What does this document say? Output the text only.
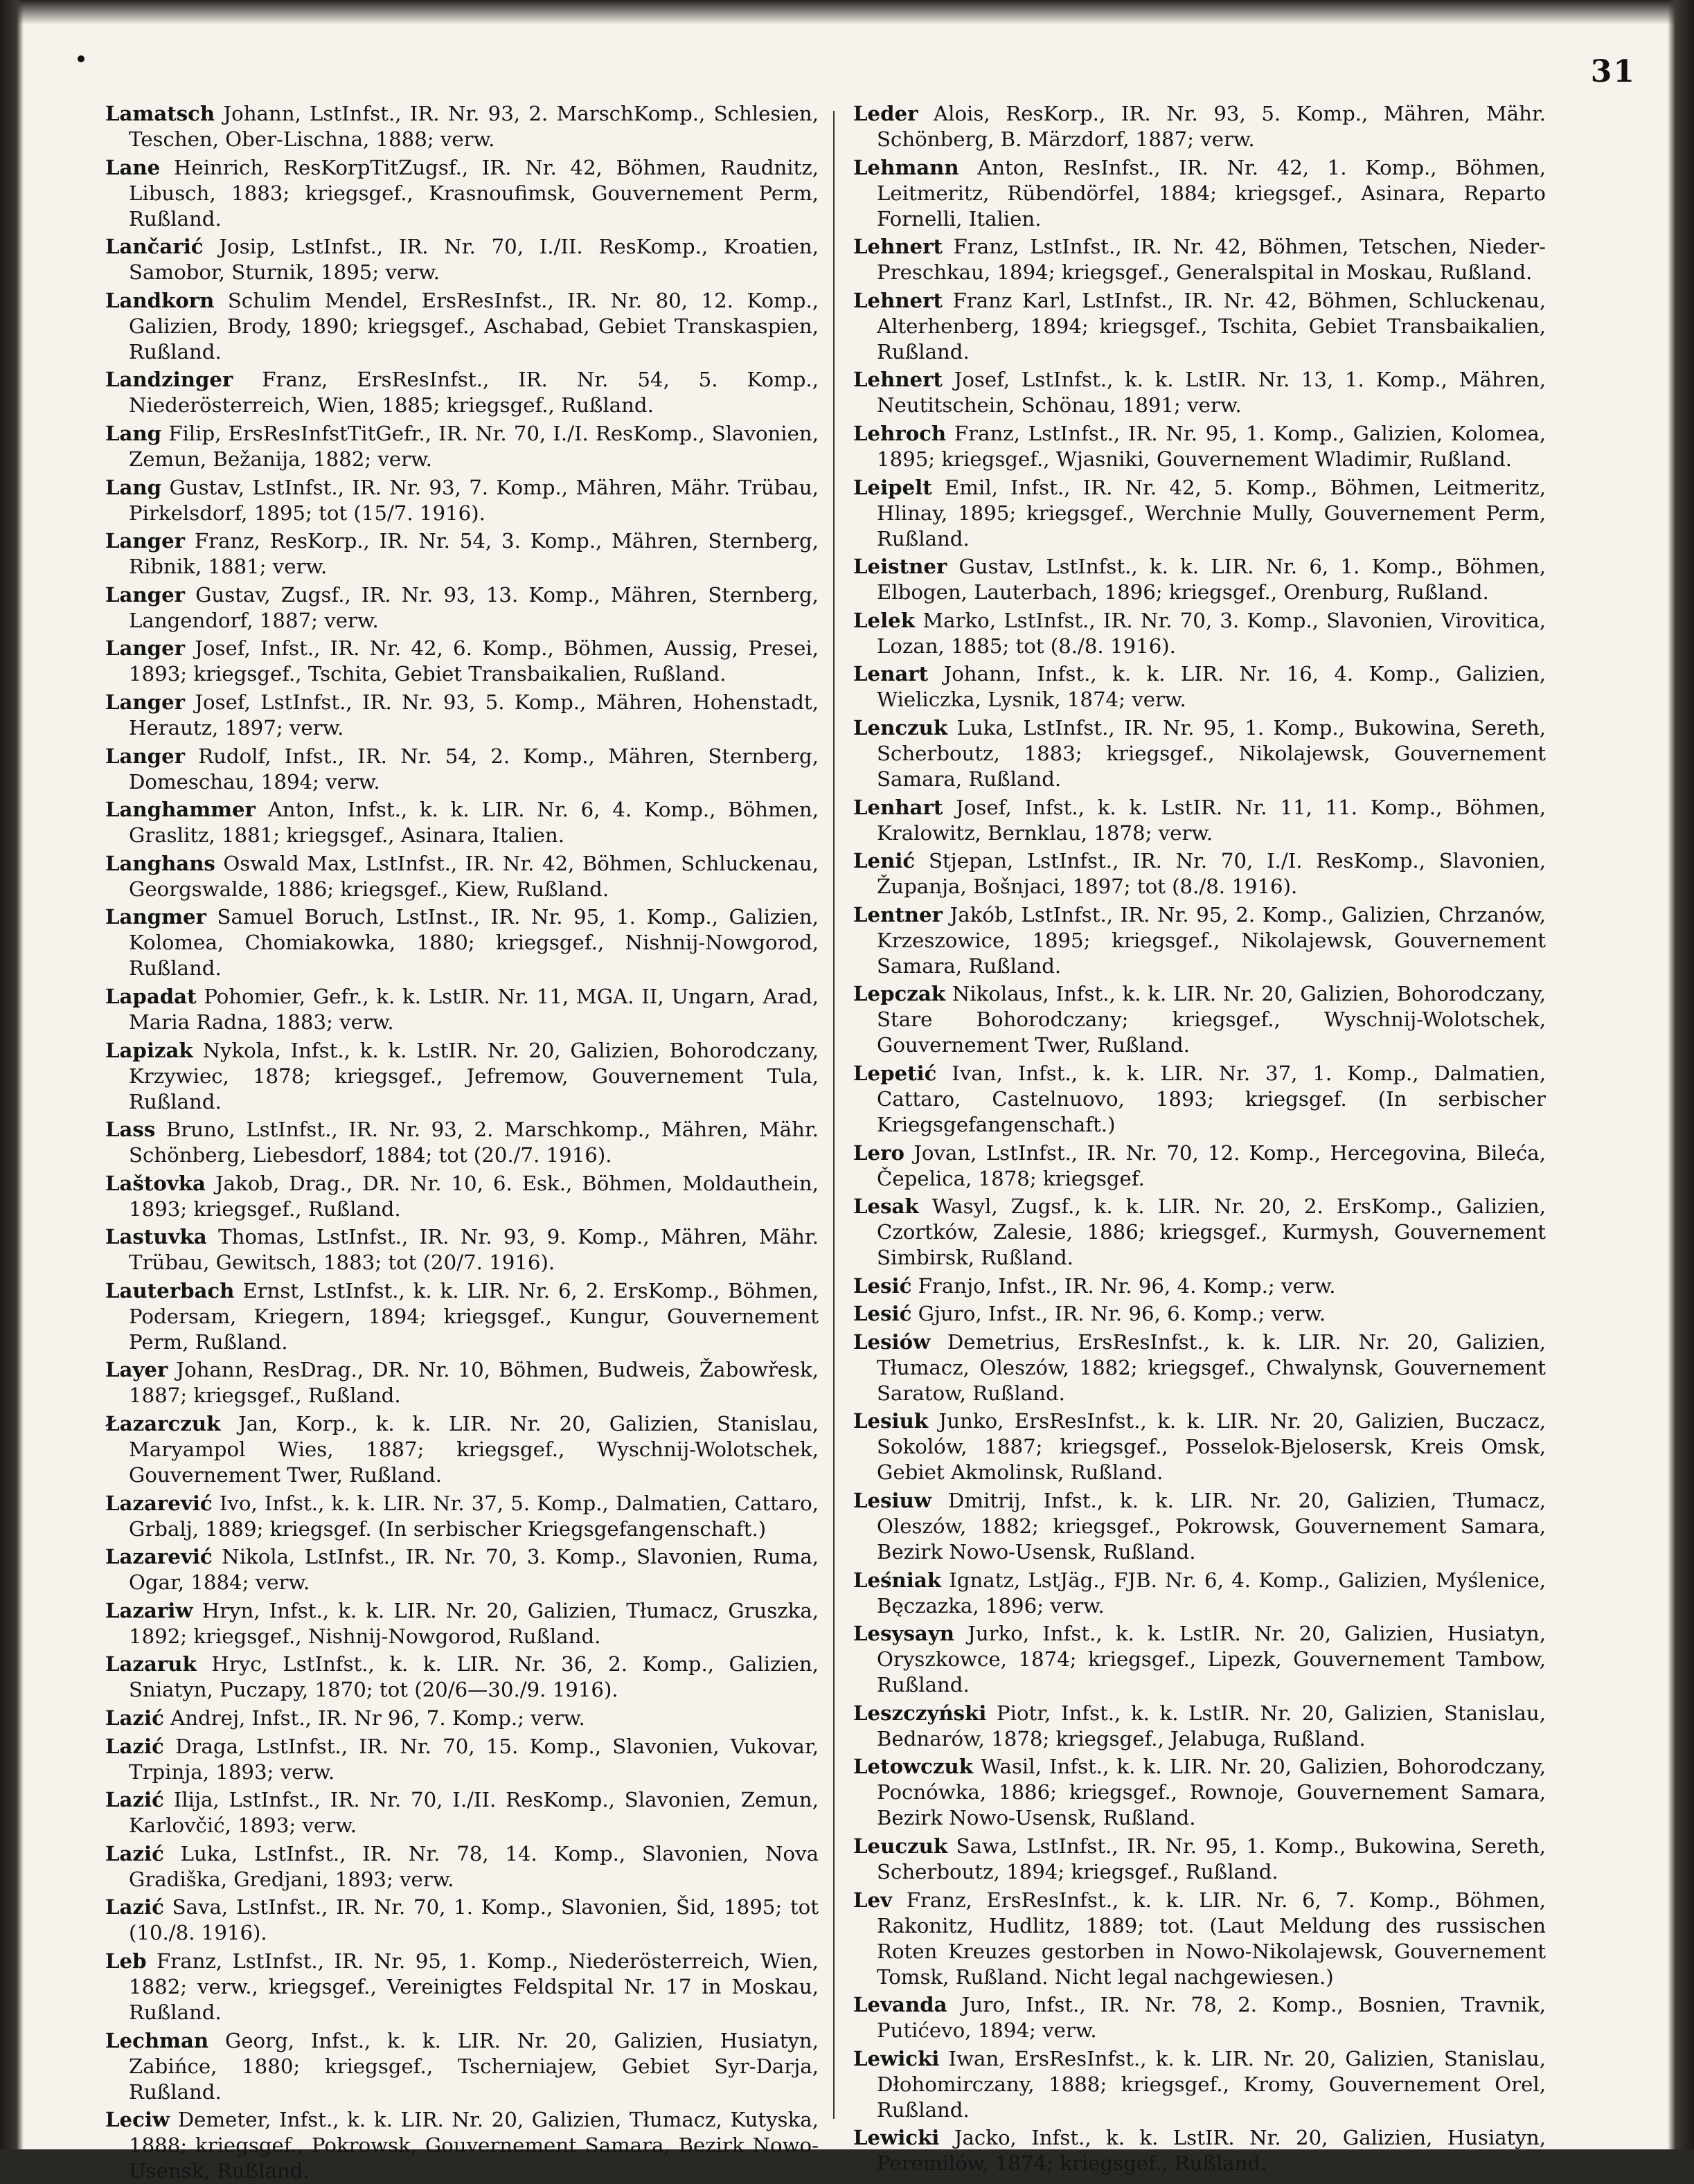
31

Lamatsch Johann, LstInfst., IR. Nr. 93, 2. MarschKomp., Schlesien, Teschen, Ober-Lischna, 1888; verw.

Lane Heinrich, ResKorpTitZugsf., IR. Nr. 42, Böhmen, Raudnitz, Libusch, 1883; kriegsgef., Krasnoufimsk, Gouvernement Perm, Rußland.

Lančarić Josip, LstInfst., IR. Nr. 70, I./II. ResKomp., Kroatien, Samobor, Sturnik, 1895; verw.

Landkorn Schulim Mendel, ErsResInfst., IR. Nr. 80, 12. Komp., Galizien, Brody, 1890; kriegsgef., Aschabad, Gebiet Transkaspien, Rußland.

Landzinger Franz, ErsResInfst., IR. Nr. 54, 5. Komp., Niederösterreich, Wien, 1885; kriegsgef., Rußland.

Lang Filip, ErsResInfstTitGefr., IR. Nr. 70, I./I. ResKomp., Slavonien, Zemun, Bežanija, 1882; verw.

Lang Gustav, LstInfst., IR. Nr. 93, 7. Komp., Mähren, Mähr. Trübau, Pirkelsdorf, 1895; tot (15/7. 1916).

Langer Franz, ResKorp., IR. Nr. 54, 3. Komp., Mähren, Sternberg, Ribnik, 1881; verw.

Langer Gustav, Zugsf., IR. Nr. 93, 13. Komp., Mähren, Sternberg, Langendorf, 1887; verw.

Langer Josef, Infst., IR. Nr. 42, 6. Komp., Böhmen, Aussig, Presei, 1893; kriegsgef., Tschita, Gebiet Transbaikalien, Rußland.

Langer Josef, LstInfst., IR. Nr. 93, 5. Komp., Mähren, Hohenstadt, Herautz, 1897; verw.

Langer Rudolf, Infst., IR. Nr. 54, 2. Komp., Mähren, Sternberg, Domeschau, 1894; verw.

Langhammer Anton, Infst., k. k. LIR. Nr. 6, 4. Komp., Böhmen, Graslitz, 1881; kriegsgef., Asinara, Italien.

Langhans Oswald Max, LstInfst., IR. Nr. 42, Böhmen, Schluckenau, Georgswalde, 1886; kriegsgef., Kiew, Rußland.

Langmer Samuel Boruch, LstInst., IR. Nr. 95, 1. Komp., Galizien, Kolomea, Chomiakowka, 1880; kriegsgef., Nishnij-Nowgorod, Rußland.

Lapadat Pohomier, Gefr., k. k. LstIR. Nr. 11, MGA. II, Ungarn, Arad, Maria Radna, 1883; verw.

Lapizak Nykola, Infst., k. k. LstIR. Nr. 20, Galizien, Bohorodczany, Krzywiec, 1878; kriegsgef., Jefremow, Gouvernement Tula, Rußland.

Lass Bruno, LstInfst., IR. Nr. 93, 2. Marschkomp., Mähren, Mähr. Schönberg, Liebesdorf, 1884; tot (20./7. 1916).

Laštovka Jakob, Drag., DR. Nr. 10, 6. Esk., Böhmen, Moldauthein, 1893; kriegsgef., Rußland.

Lastuvka Thomas, LstInfst., IR. Nr. 93, 9. Komp., Mähren, Mähr. Trübau, Gewitsch, 1883; tot (20/7. 1916).

Lauterbach Ernst, LstInfst., k. k. LIR. Nr. 6, 2. ErsKomp., Böhmen, Podersam, Kriegern, 1894; kriegsgef., Kungur, Gouvernement Perm, Rußland.

Layer Johann, ResDrag., DR. Nr. 10, Böhmen, Budweis, Žabowřesk, 1887; kriegsgef., Rußland.

Łazarczuk Jan, Korp., k. k. LIR. Nr. 20, Galizien, Stanislau, Maryampol Wies, 1887; kriegsgef., Wyschnij-Wolotschek, Gouvernement Twer, Rußland.

Lazarević Ivo, Infst., k. k. LIR. Nr. 37, 5. Komp., Dalmatien, Cattaro, Grbalj, 1889; kriegsgef. (In serbischer Kriegsgefangenschaft.)

Lazarević Nikola, LstInfst., IR. Nr. 70, 3. Komp., Slavonien, Ruma, Ogar, 1884; verw.

Lazariw Hryn, Infst., k. k. LIR. Nr. 20, Galizien, Tłumacz, Gruszka, 1892; kriegsgef., Nishnij-Nowgorod, Rußland.

Lazaruk Hryc, LstInfst., k. k. LIR. Nr. 36, 2. Komp., Galizien, Sniatyn, Puczapy, 1870; tot (20/6—30./9. 1916).

Lazić Andrej, Infst., IR. Nr 96, 7. Komp.; verw.

Lazić Draga, LstInfst., IR. Nr. 70, 15. Komp., Slavonien, Vukovar, Trpinja, 1893; verw.

Lazić Ilija, LstInfst., IR. Nr. 70, I./II. ResKomp., Slavonien, Zemun, Karlovčić, 1893; verw.

Lazić Luka, LstInfst., IR. Nr. 78, 14. Komp., Slavonien, Nova Gradiška, Gredjani, 1893; verw.

Lazić Sava, LstInfst., IR. Nr. 70, 1. Komp., Slavonien, Šid, 1895; tot (10./8. 1916).

Leb Franz, LstInfst., IR. Nr. 95, 1. Komp., Niederösterreich, Wien, 1882; verw., kriegsgef., Vereinigtes Feldspital Nr. 17 in Moskau, Rußland.

Lechman Georg, Infst., k. k. LIR. Nr. 20, Galizien, Husiatyn, Zabińce, 1880; kriegsgef., Tscherniajew, Gebiet Syr-Darja, Rußland.

Leciw Demeter, Infst., k. k. LIR. Nr. 20, Galizien, Tłumacz, Kutyska, 1888; kriegsgef., Pokrowsk, Gouvernement Samara, Bezirk Nowo-Usensk, Rußland.

Leder Alois, ResKorp., IR. Nr. 93, 5. Komp., Mähren, Mähr. Schönberg, B. Märzdorf, 1887; verw.

Lehmann Anton, ResInfst., IR. Nr. 42, 1. Komp., Böhmen, Leitmeritz, Rübendörfel, 1884; kriegsgef., Asinara, Reparto Fornelli, Italien.

Lehnert Franz, LstInfst., IR. Nr. 42, Böhmen, Tetschen, Nieder-Preschkau, 1894; kriegsgef., Generalspital in Moskau, Rußland.

Lehnert Franz Karl, LstInfst., IR. Nr. 42, Böhmen, Schluckenau, Alterhenberg, 1894; kriegsgef., Tschita, Gebiet Transbaikalien, Rußland.

Lehnert Josef, LstInfst., k. k. LstIR. Nr. 13, 1. Komp., Mähren, Neutitschein, Schönau, 1891; verw.

Lehroch Franz, LstInfst., IR. Nr. 95, 1. Komp., Galizien, Kolomea, 1895; kriegsgef., Wjasniki, Gouvernement Wladimir, Rußland.

Leipelt Emil, Infst., IR. Nr. 42, 5. Komp., Böhmen, Leitmeritz, Hlinay, 1895; kriegsgef., Werchnie Mully, Gouvernement Perm, Rußland.

Leistner Gustav, LstInfst., k. k. LIR. Nr. 6, 1. Komp., Böhmen, Elbogen, Lauterbach, 1896; kriegsgef., Orenburg, Rußland.

Lelek Marko, LstInfst., IR. Nr. 70, 3. Komp., Slavonien, Virovitica, Lozan, 1885; tot (8./8. 1916).

Lenart Johann, Infst., k. k. LIR. Nr. 16, 4. Komp., Galizien, Wieliczka, Lysnik, 1874; verw.

Lenczuk Luka, LstInfst., IR. Nr. 95, 1. Komp., Bukowina, Sereth, Scherboutz, 1883; kriegsgef., Nikolajewsk, Gouvernement Samara, Rußland.

Lenhart Josef, Infst., k. k. LstIR. Nr. 11, 11. Komp., Böhmen, Kralowitz, Bernklau, 1878; verw.

Lenić Stjepan, LstInfst., IR. Nr. 70, I./I. ResKomp., Slavonien, Županja, Bošnjaci, 1897; tot (8./8. 1916).

Lentner Jakób, LstInfst., IR. Nr. 95, 2. Komp., Galizien, Chrzanów, Krzeszowice, 1895; kriegsgef., Nikolajewsk, Gouvernement Samara, Rußland.

Lepczak Nikolaus, Infst., k. k. LIR. Nr. 20, Galizien, Bohorodczany, Stare Bohorodczany; kriegsgef., Wyschnij-Wolotschek, Gouvernement Twer, Rußland.

Lepetić Ivan, Infst., k. k. LIR. Nr. 37, 1. Komp., Dalmatien, Cattaro, Castelnuovo, 1893; kriegsgef. (In serbischer Kriegsgefangenschaft.)

Lero Jovan, LstInfst., IR. Nr. 70, 12. Komp., Hercegovina, Bileća, Čepelica, 1878; kriegsgef.

Lesak Wasyl, Zugsf., k. k. LIR. Nr. 20, 2. ErsKomp., Galizien, Czortków, Zalesie, 1886; kriegsgef., Kurmysh, Gouvernement Simbirsk, Rußland.

Lesić Franjo, Infst., IR. Nr. 96, 4. Komp.; verw.

Lesić Gjuro, Infst., IR. Nr. 96, 6. Komp.; verw.

Lesiów Demetrius, ErsResInfst., k. k. LIR. Nr. 20, Galizien, Tłumacz, Oleszów, 1882; kriegsgef., Chwalynsk, Gouvernement Saratow, Rußland.

Lesiuk Junko, ErsResInfst., k. k. LIR. Nr. 20, Galizien, Buczacz, Sokolów, 1887; kriegsgef., Posselok-Bjelosersk, Kreis Omsk, Gebiet Akmolinsk, Rußland.

Lesiuw Dmitrij, Infst., k. k. LIR. Nr. 20, Galizien, Tłumacz, Oleszów, 1882; kriegsgef., Pokrowsk, Gouvernement Samara, Bezirk Nowo-Usensk, Rußland.

Leśniak Ignatz, LstJäg., FJB. Nr. 6, 4. Komp., Galizien, Myślenice, Bęczazka, 1896; verw.

Lesysayn Jurko, Infst., k. k. LstIR. Nr. 20, Galizien, Husiatyn, Oryszkowce, 1874; kriegsgef., Lipezk, Gouvernement Tambow, Rußland.

Leszczyński Piotr, Infst., k. k. LstIR. Nr. 20, Galizien, Stanislau, Bednarów, 1878; kriegsgef., Jelabuga, Rußland.

Letowczuk Wasil, Infst., k. k. LIR. Nr. 20, Galizien, Bohorodczany, Pocnówka, 1886; kriegsgef., Rownoje, Gouvernement Samara, Bezirk Nowo-Usensk, Rußland.

Leuczuk Sawa, LstInfst., IR. Nr. 95, 1. Komp., Bukowina, Sereth, Scherboutz, 1894; kriegsgef., Rußland.

Lev Franz, ErsResInfst., k. k. LIR. Nr. 6, 7. Komp., Böhmen, Rakonitz, Hudlitz, 1889; tot. (Laut Meldung des russischen Roten Kreuzes gestorben in Nowo-Nikolajewsk, Gouvernement Tomsk, Rußland. Nicht legal nachgewiesen.)

Levanda Juro, Infst., IR. Nr. 78, 2. Komp., Bosnien, Travnik, Putićevo, 1894; verw.

Lewicki Iwan, ErsResInfst., k. k. LIR. Nr. 20, Galizien, Stanislau, Dłohomirczany, 1888; kriegsgef., Kromy, Gouvernement Orel, Rußland.

Lewicki Jacko, Infst., k. k. LstIR. Nr. 20, Galizien, Husiatyn, Peremilów, 1874; kriegsgef., Rußland.
